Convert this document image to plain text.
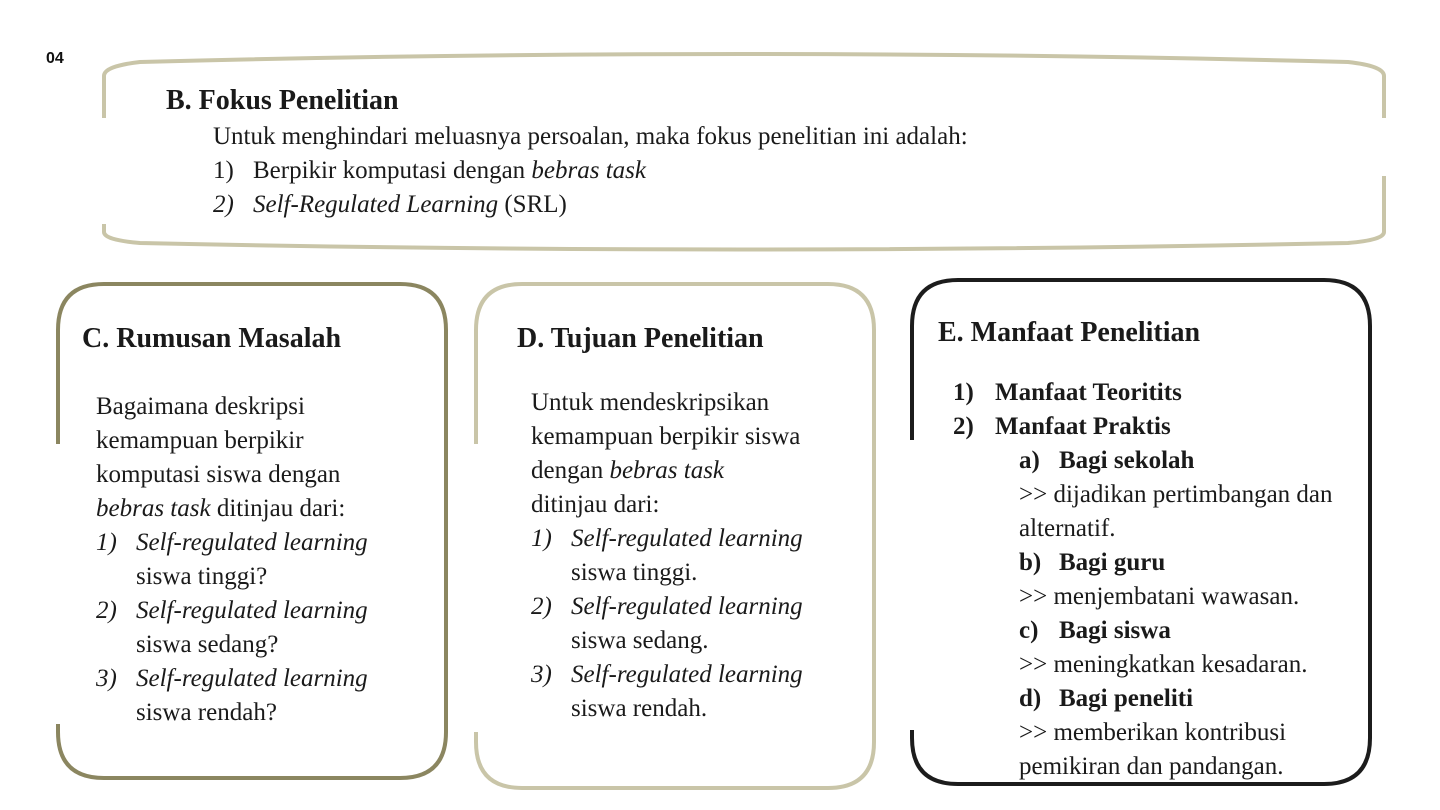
04
B. Fokus Penelitian

Untuk menghindari meluasnya persoalan, maka fokus penelitian ini adalah:

1) Berpikir komputasi dengan bebras task
2) Self-Regulated Learning (SRL)
C. Rumusan Masalah

Bagaimana deskripsi

kemampuan berpikir

komputasi siswa dengan

bebras task ditinjau dari:

1) Self-regulated learning
siswa tinggi?
2) Self-regulated learning
siswa sedang?
3) Self-regulated learning
siswa rendah?
D. Tujuan Penelitian

Untuk mendeskripsikan

kemampuan berpikir siswa

dengan bebras task

ditinjau dari:

1) Self-regulated learning
siswa tinggi.
2) Self-regulated learning
siswa sedang.
3) Self-regulated learning
siswa rendah.
E. Manfaat Penelitian
1) Manfaat Teoritits
2) Manfaat Praktis
a) Bagi sekolah
>> dijadikan pertimbangan dan alternatif.
b) Bagi guru
>> menjembatani wawasan.
c) Bagi siswa
>> meningkatkan kesadaran.
d) Bagi peneliti
>> memberikan kontribusi pemikiran dan pandangan.
